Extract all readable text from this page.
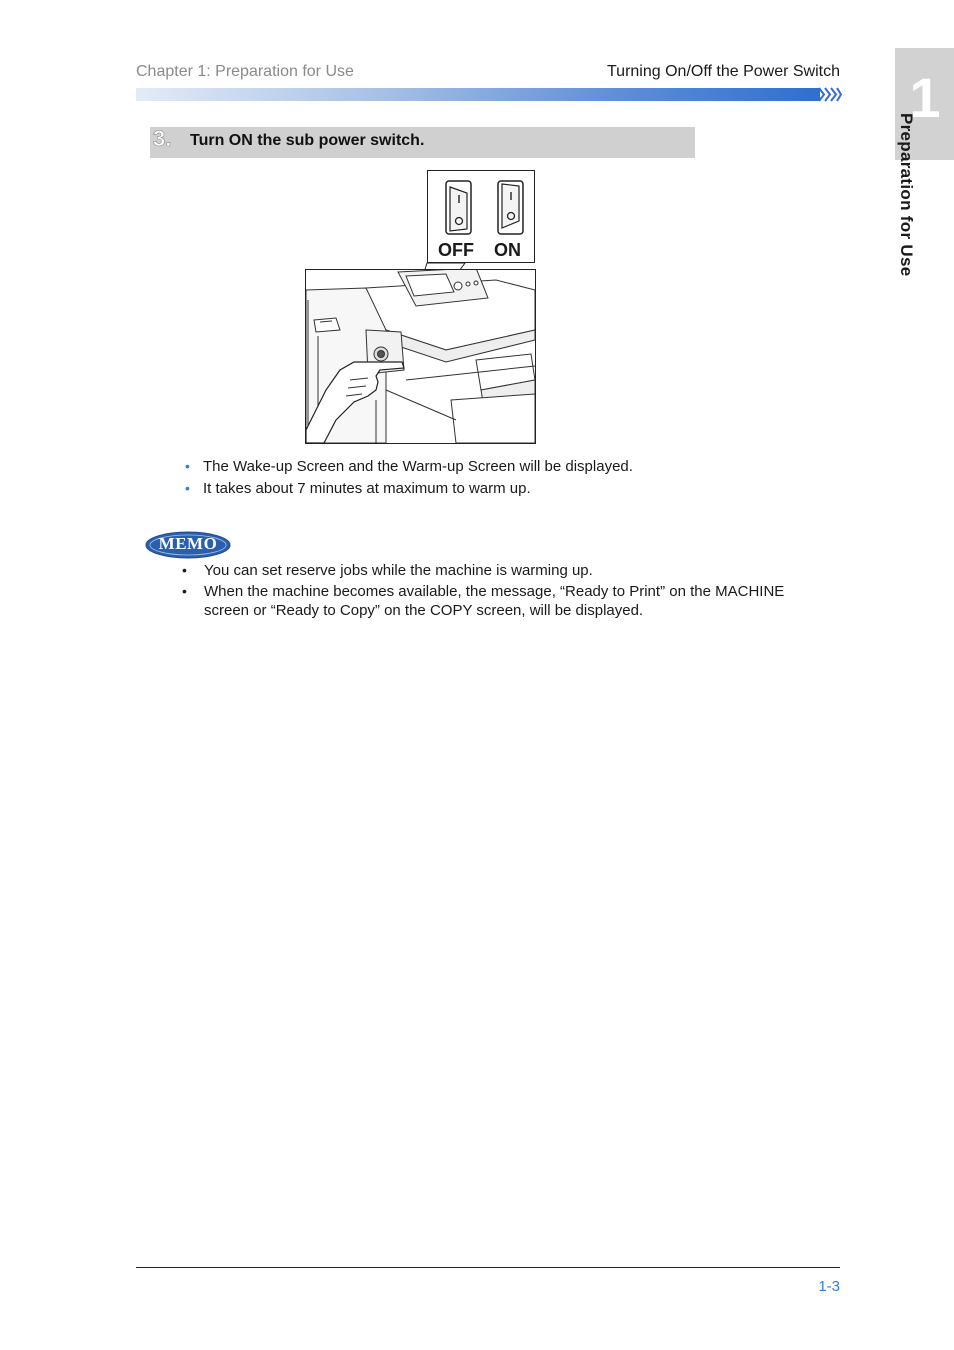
Chapter 1: Preparation for Use	Turning On/Off the Power Switch 1
Preparation for Use
3. Turn ON the sub power switch.
OFF ON
• The Wake-up Screen and the Warm-up Screen will be displayed.
• It takes about 7 minutes at maximum to warm up.
MEMO
• You can set reserve jobs while the machine is warming up.
• When the machine becomes available, the message, “Ready to Print” on the MACHINE
screen or “Ready to Copy” on the COPY screen, will be displayed.
1-3
